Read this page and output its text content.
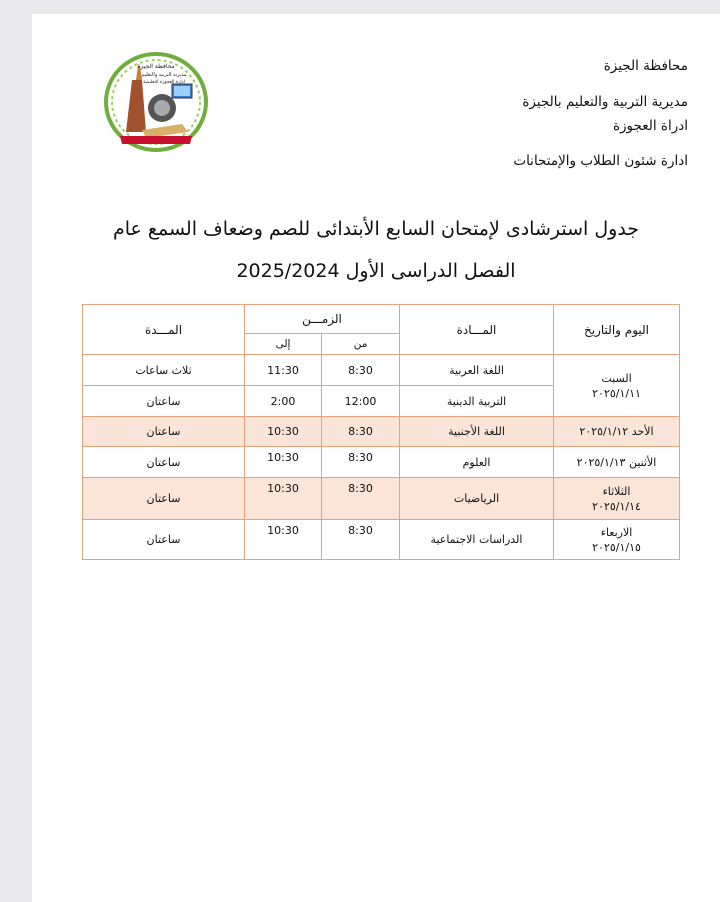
محافظة الجيزة
مديرية التربية والتعليم
ادارة العجوزة التعليمية
محافظة الجيزة
مديرية التربية والتعليم بالجيزة
ادراة العجوزة
ادارة شئون الطلاب والإمتحانات
جدول استرشادى لإمتحان السابع الأبتدائى للصم وضعاف السمع عام
الفصل الدراسى الأول 2025/2024
اليوم والتاريخ	المـــادة	الزمـــن		المـــدة
		من	إلى	

السبت
٢٠٢٥/١/١١	اللغة العربية	8:30	11:30	ثلاث ساعات
	التربية الدينية	12:00	2:00	ساعتان
الأحد ٢٠٢٥/١/١٢	اللغة الأجنبية	8:30	10:30	ساعتان
الأثنين ٢٠٢٥/١/١٣	العلوم	8:30	10:30	ساعتان

الثلاثاء
٢٠٢٥/١/١٤	الرياضيات	8:30	10:30	ساعتان

الاربعاء
٢٠٢٥/١/١٥	الدراسات الاجتماعية	8:30	10:30	ساعتان
